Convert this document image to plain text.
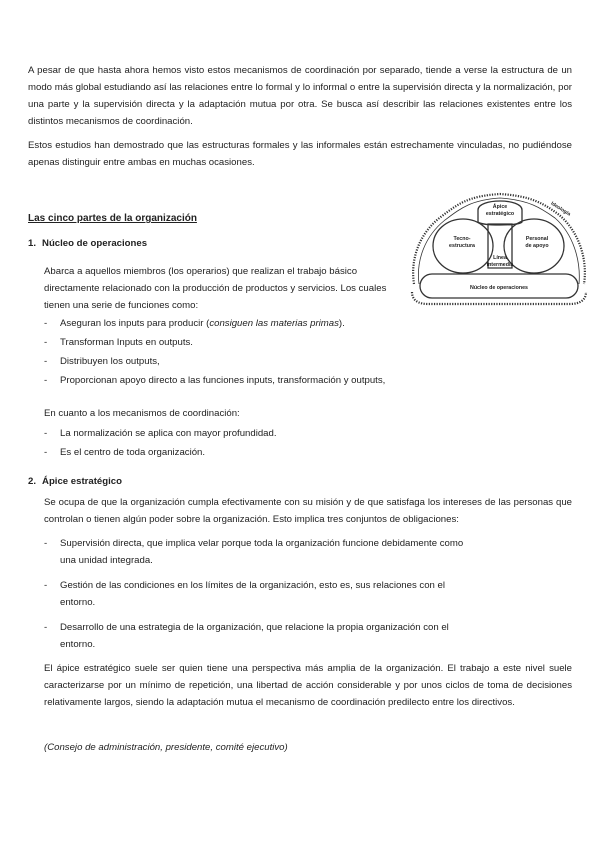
A pesar de que hasta ahora hemos visto estos mecanismos de coordinación por separado, tiende a verse la estructura de un modo más global estudiando así las relaciones entre lo formal y lo informal o entre la supervisión directa y la normalización, por una parte y la supervisión directa y la adaptación mutua por otra. Se busca así describir las relaciones existentes entre los distintos mecanismos de coordinación.

Estos estudios han demostrado que las estructuras formales y las informales están estrechamente vinculadas, no pudiéndose apenas distinguir entre ambas en muchas ocasiones.

Las cinco partes de la organización
Ápice
estratégico
Tecno-
estructura
Personal
de apoyo
Línea
intermedia
Núcleo de operaciones
Ideología
1. Núcleo de operaciones

Abarca a aquellos miembros (los operarios) que realizan el trabajo básico directamente relacionado con la producción de productos y servicios. Los cuales tienen una serie de funciones como:

- Aseguran los inputs para producir (consiguen las materias primas).
- Transforman Inputs en outputs.
- Distribuyen los outputs,
- Proporcionan apoyo directo a las funciones inputs, transformación y outputs,

En cuanto a los mecanismos de coordinación:

- La normalización se aplica con mayor profundidad.
- Es el centro de toda organización.
2. Ápice estratégico

Se ocupa de que la organización cumpla efectivamente con su misión y de que satisfaga los intereses de las personas que controlan o tienen algún poder sobre la organización. Esto implica tres conjuntos de obligaciones:

- Supervisión directa, que implica velar porque toda la organización funcione debidamente como
una unidad integrada.
- Gestión de las condiciones en los límites de la organización, esto es, sus relaciones con el
entorno.
- Desarrollo de una estrategia de la organización, que relacione la propia organización con el
entorno.

El ápice estratégico suele ser quien tiene una perspectiva más amplia de la organización. El trabajo a este nivel suele caracterizarse por un mínimo de repetición, una libertad de acción considerable y por unos ciclos de toma de decisiones relativamente largos, siendo la adaptación mutua el mecanismo de coordinación predilecto entre los directivos.

(Consejo de administración, presidente, comité ejecutivo)
